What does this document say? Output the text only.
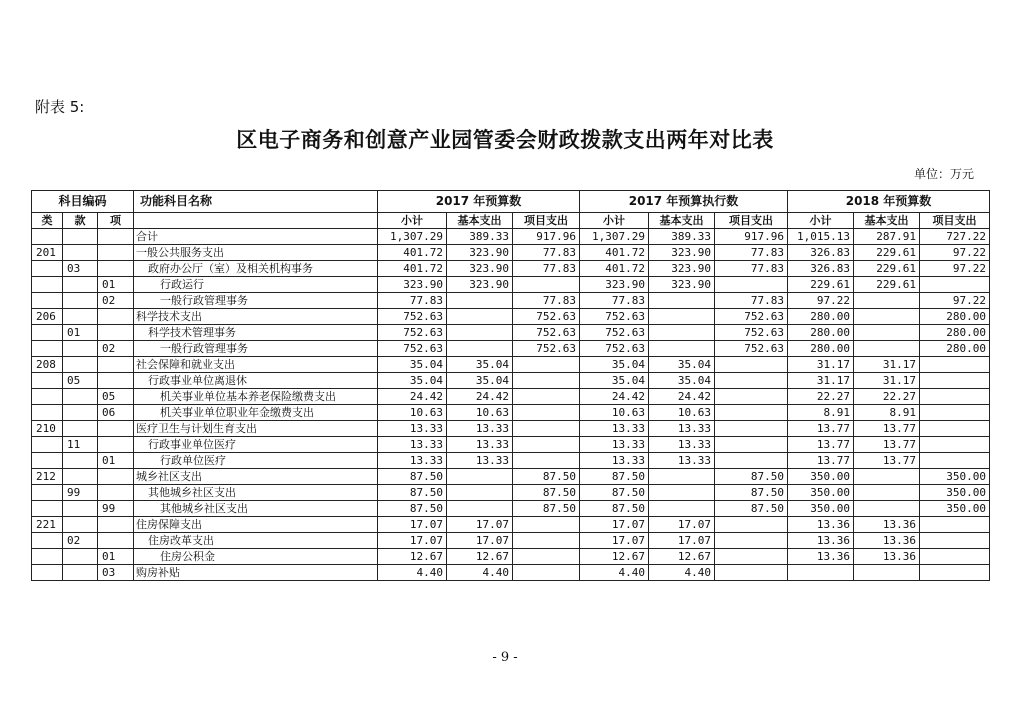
附表 5:
区电子商务和创意产业园管委会财政拨款支出两年对比表
单位：万元
科目编码			功能科目名称	2017 年预算数			2017 年预算执行数			2018 年预算数		
类	款	项		小计	基本支出	项目支出	小计	基本支出	项目支出	小计	基本支出	项目支出
			合计	1,307.29	389.33	917.96	1,307.29	389.33	917.96	1,015.13	287.91	727.22
201			一般公共服务支出	401.72	323.90	77.83	401.72	323.90	77.83	326.83	229.61	97.22
	03		政府办公厅（室）及相关机构事务	401.72	323.90	77.83	401.72	323.90	77.83	326.83	229.61	97.22
		01	行政运行	323.90	323.90		323.90	323.90		229.61	229.61	
		02	一般行政管理事务	77.83		77.83	77.83		77.83	97.22		97.22
206			科学技术支出	752.63		752.63	752.63		752.63	280.00		280.00
	01		科学技术管理事务	752.63		752.63	752.63		752.63	280.00		280.00
		02	一般行政管理事务	752.63		752.63	752.63		752.63	280.00		280.00
208			社会保障和就业支出	35.04	35.04		35.04	35.04		31.17	31.17	
	05		行政事业单位离退休	35.04	35.04		35.04	35.04		31.17	31.17	
		05	机关事业单位基本养老保险缴费支出	24.42	24.42		24.42	24.42		22.27	22.27	
		06	机关事业单位职业年金缴费支出	10.63	10.63		10.63	10.63		8.91	8.91	
210			医疗卫生与计划生育支出	13.33	13.33		13.33	13.33		13.77	13.77	
	11		行政事业单位医疗	13.33	13.33		13.33	13.33		13.77	13.77	
		01	行政单位医疗	13.33	13.33		13.33	13.33		13.77	13.77	
212			城乡社区支出	87.50		87.50	87.50		87.50	350.00		350.00
	99		其他城乡社区支出	87.50		87.50	87.50		87.50	350.00		350.00
		99	其他城乡社区支出	87.50		87.50	87.50		87.50	350.00		350.00
221			住房保障支出	17.07	17.07		17.07	17.07		13.36	13.36	
	02		住房改革支出	17.07	17.07		17.07	17.07		13.36	13.36	
		01	住房公积金	12.67	12.67		12.67	12.67		13.36	13.36	
		03	购房补贴	4.40	4.40		4.40	4.40				
- 9 -
